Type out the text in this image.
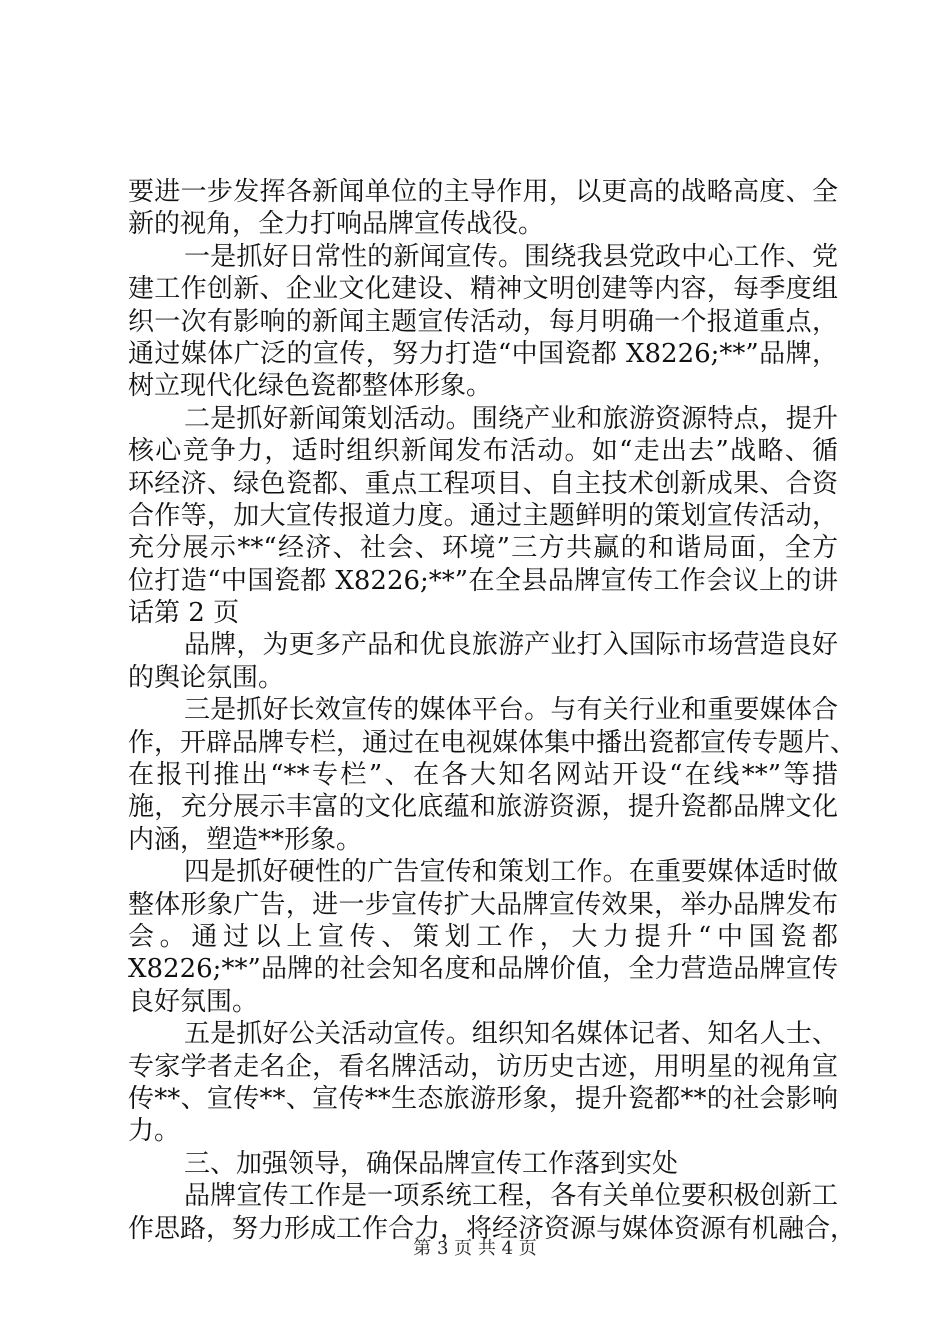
要进一步发挥各新闻单位的主导作用，以更高的战略高度、全
新的视角，全力打响品牌宣传战役。
一是抓好日常性的新闻宣传。围绕我县党政中心工作、党
建工作创新、企业文化建设、精神文明创建等内容，每季度组
织一次有影响的新闻主题宣传活动，每月明确一个报道重点，
通过媒体广泛的宣传，努力打造“中国瓷都 X8226;**”品牌，
树立现代化绿色瓷都整体形象。
二是抓好新闻策划活动。围绕产业和旅游资源特点，提升
核心竞争力，适时组织新闻发布活动。如“走出去”战略、循
环经济、绿色瓷都、重点工程项目、自主技术创新成果、合资
合作等，加大宣传报道力度。通过主题鲜明的策划宣传活动，
充分展示**“经济、社会、环境”三方共赢的和谐局面，全方
位打造“中国瓷都 X8226;**”在全县品牌宣传工作会议上的讲
话第 2 页
品牌，为更多产品和优良旅游产业打入国际市场营造良好
的舆论氛围。
三是抓好长效宣传的媒体平台。与有关行业和重要媒体合
作，开辟品牌专栏，通过在电视媒体集中播出瓷都宣传专题片、
在报刊推出“**专栏”、在各大知名网站开设“在线**”等措
施，充分展示丰富的文化底蕴和旅游资源，提升瓷都品牌文化
内涵，塑造**形象。
四是抓好硬性的广告宣传和策划工作。在重要媒体适时做
整体形象广告，进一步宣传扩大品牌宣传效果，举办品牌发布
会。通过以上宣传、策划工作，大力提升“中国瓷都
X8226;**”品牌的社会知名度和品牌价值，全力营造品牌宣传
良好氛围。
五是抓好公关活动宣传。组织知名媒体记者、知名人士、
专家学者走名企，看名牌活动，访历史古迹，用明星的视角宣
传**、宣传**、宣传**生态旅游形象，提升瓷都**的社会影响
力。
三、加强领导，确保品牌宣传工作落到实处
品牌宣传工作是一项系统工程，各有关单位要积极创新工
作思路，努力形成工作合力，将经济资源与媒体资源有机融合，
第 3 页 共 4 页
